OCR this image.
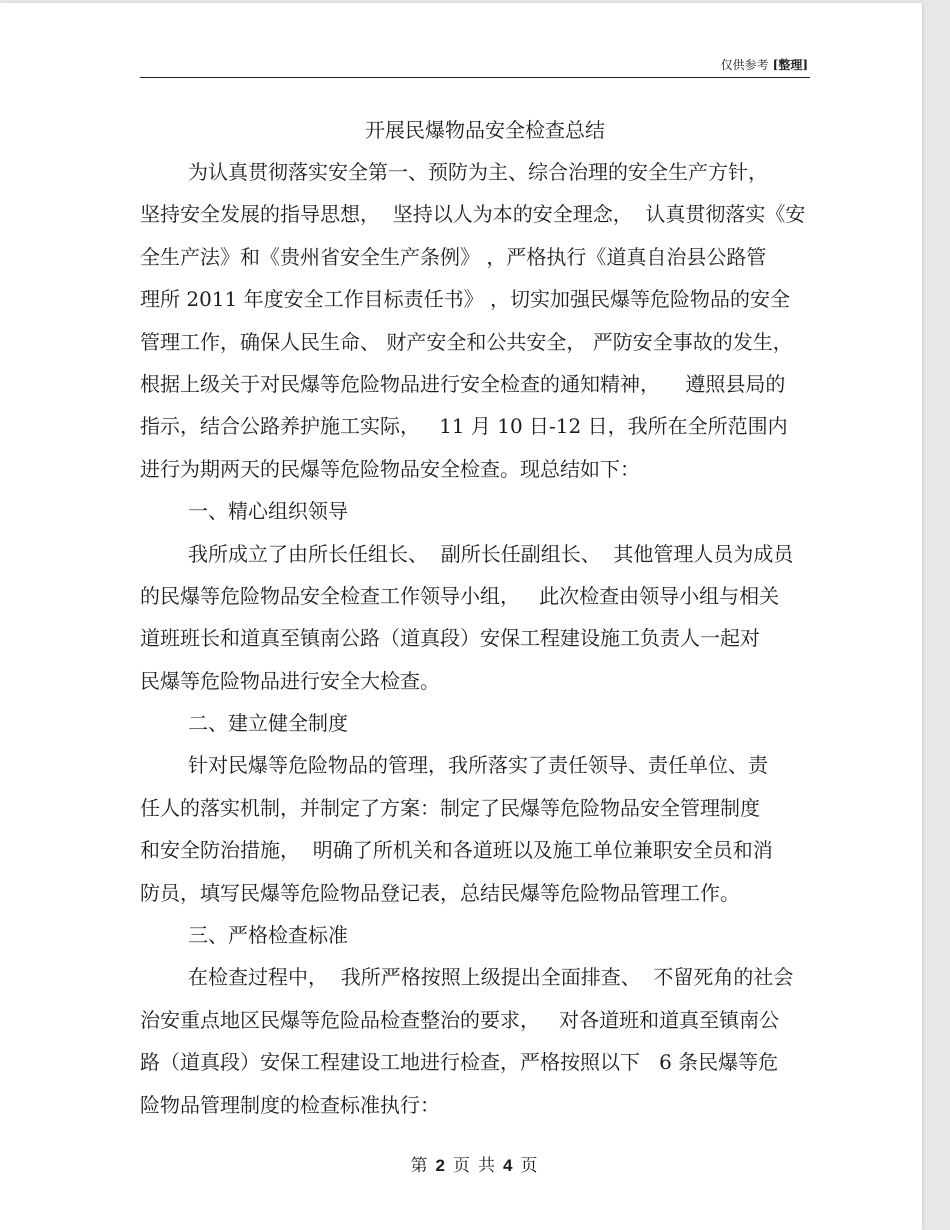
仅供参考 [整理]
开展民爆物品安全检查总结
为认真贯彻落实安全第一、预防为主、综合治理的安全生产方针，
坚持安全发展的指导思想，  坚持以人为本的安全理念，  认真贯彻落实《安
全生产法》和《贵州省安全生产条例》 ，严格执行《道真自治县公路管
理所 2011 年度安全工作目标责任书》 ，切实加强民爆等危险物品的安全
管理工作，确保人民生命、 财产安全和公共安全， 严防安全事故的发生，
根据上级关于对民爆等危险物品进行安全检查的通知精神，    遵照县局的
指示，结合公路养护施工实际，   11 月 10 日-12 日，我所在全所范围内
进行为期两天的民爆等危险物品安全检查。现总结如下：
一、精心组织领导
我所成立了由所长任组长、  副所长任副组长、  其他管理人员为成员
的民爆等危险物品安全检查工作领导小组，   此次检查由领导小组与相关
道班班长和道真至镇南公路（道真段）安保工程建设施工负责人一起对
民爆等危险物品进行安全大检查。
二、建立健全制度
针对民爆等危险物品的管理，我所落实了责任领导、责任单位、责
任人的落实机制，并制定了方案：制定了民爆等危险物品安全管理制度
和安全防治措施，  明确了所机关和各道班以及施工单位兼职安全员和消
防员，填写民爆等危险物品登记表，总结民爆等危险物品管理工作。
三、严格检查标准
在检查过程中，  我所严格按照上级提出全面排查、  不留死角的社会
治安重点地区民爆等危险品检查整治的要求，   对各道班和道真至镇南公
路（道真段）安保工程建设工地进行检查，严格按照以下   6 条民爆等危
险物品管理制度的检查标准执行：
第 2 页 共 4 页
